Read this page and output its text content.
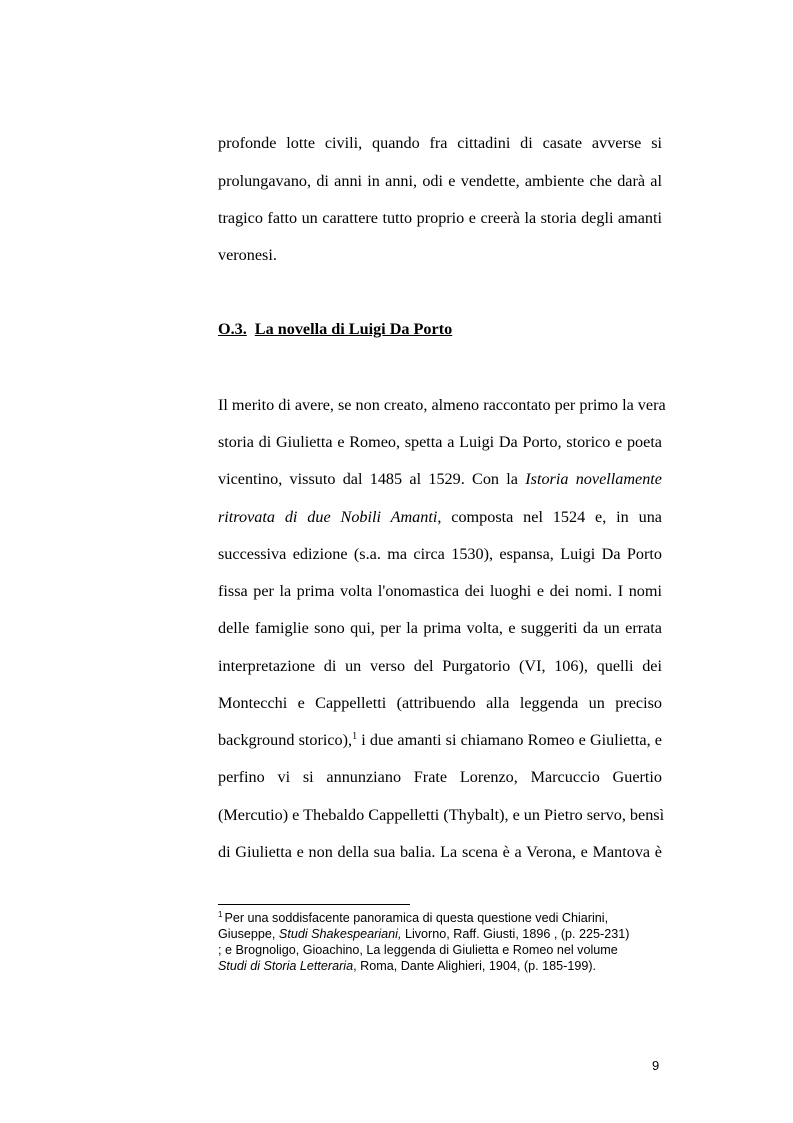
profonde lotte civili, quando fra cittadini di casate avverse si
prolungavano, di anni in anni, odi e vendette, ambiente che darà al
tragico fatto un carattere tutto proprio e creerà la storia degli amanti
veronesi.
O.3. La novella di Luigi Da Porto
Il merito di avere, se non creato, almeno raccontato per primo la vera
storia di Giulietta e Romeo, spetta a Luigi Da Porto, storico e poeta
vicentino, vissuto dal 1485 al 1529. Con la Istoria novellamente
ritrovata di due Nobili Amanti, composta nel 1524 e, in una
successiva edizione (s.a. ma circa 1530), espansa, Luigi Da Porto
fissa per la prima volta l'onomastica dei luoghi e dei nomi. I nomi
delle famiglie sono qui, per la prima volta, e suggeriti da un errata
interpretazione di un verso del Purgatorio (VI, 106), quelli dei
Montecchi e Cappelletti (attribuendo alla leggenda un preciso
background storico),$^1$ i due amanti si chiamano Romeo e Giulietta, e
perfino vi si annunziano Frate Lorenzo, Marcuccio Guertio
(Mercutio) e Thebaldo Cappelletti (Thybalt), e un Pietro servo, bensì
di Giulietta e non della sua balia. La scena è a Verona, e Mantova è
$^1$ Per una soddisfacente panoramica di questa questione vedi Chiarini,
Giuseppe, Studi Shakespeariani, Livorno, Raff. Giusti, 1896 , (p. 225-231)
; e Brognoligo, Gioachino, La leggenda di Giulietta e Romeo nel volume
Studi di Storia Letteraria, Roma, Dante Alighieri, 1904, (p. 185-199).
9
